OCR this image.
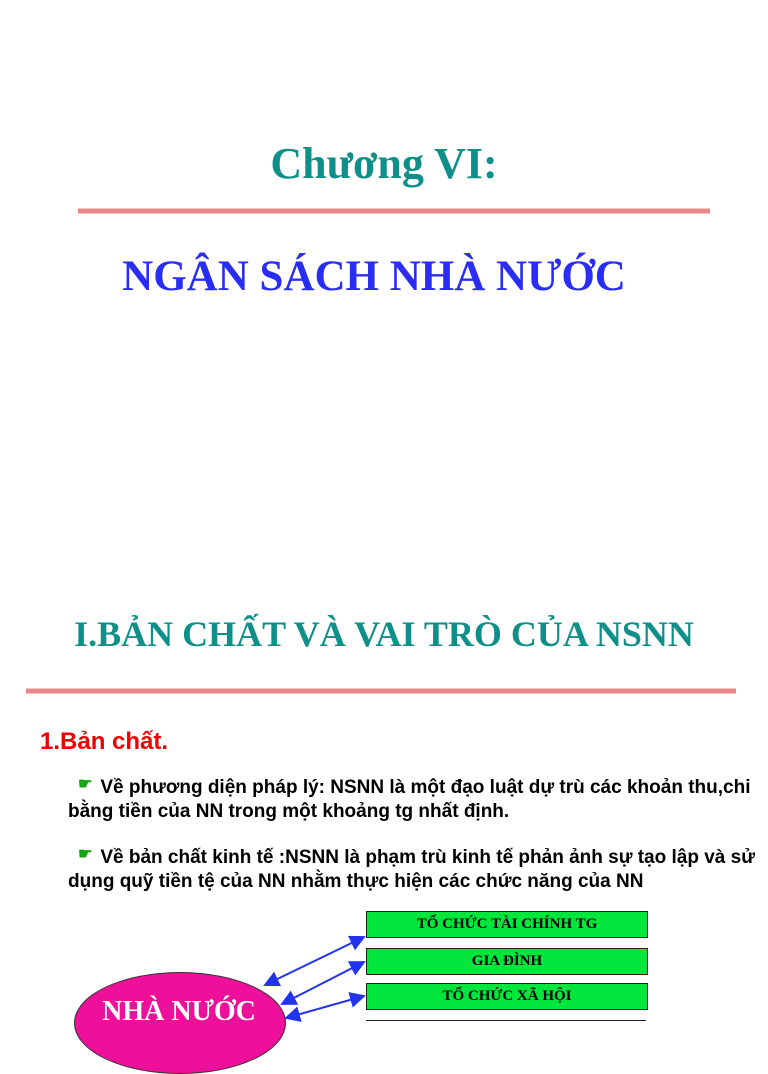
Chương VI:
NGÂN SÁCH NHÀ NƯỚC
I.BẢN CHẤT VÀ VAI TRÒ CỦA NSNN
1.Bản chất.
☛ Về phương diện pháp lý: NSNN là một đạo luật dự trù các khoản thu,chi bằng tiền của NN trong một khoảng tg nhất định.
☛ Về bản chất kinh tế :NSNN là phạm trù kinh tế phản ảnh sự tạo lập và sử dụng quỹ tiền tệ của NN nhằm thực hiện các chức năng của NN
TỔ CHỨC TÀI CHÍNH TG
GIA ĐÌNH
TỔ CHỨC XÃ HỘI
NHÀ NƯỚC
